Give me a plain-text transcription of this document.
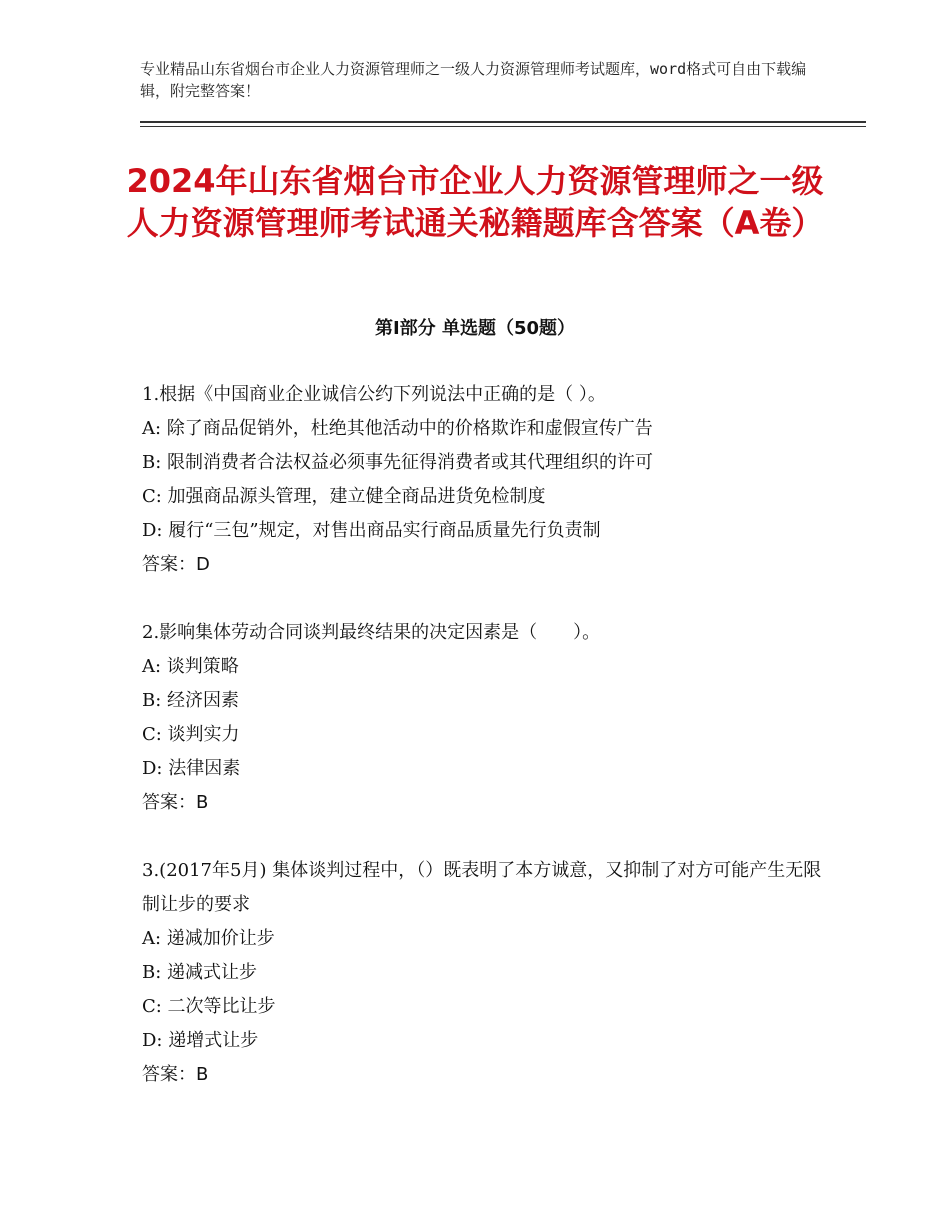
专业精品山东省烟台市企业人力资源管理师之一级人力资源管理师考试题库，word格式可自由下载编辑，附完整答案！
2024年山东省烟台市企业人力资源管理师之一级人力资源管理师考试通关秘籍题库含答案（A卷）
第Ⅰ部分 单选题（50题）
1.根据《中国商业企业诚信公约下列说法中正确的是（ ）。
A: 除了商品促销外，杜绝其他活动中的价格欺诈和虚假宣传广告
B: 限制消费者合法权益必须事先征得消费者或其代理组织的许可
C: 加强商品源头管理，建立健全商品进货免检制度
D: 履行“三包”规定，对售出商品实行商品质量先行负责制
答案：D
2.影响集体劳动合同谈判最终结果的决定因素是（　　）。
A: 谈判策略
B: 经济因素
C: 谈判实力
D: 法律因素
答案：B
3.(2017年5月) 集体谈判过程中，（）既表明了本方诚意，又抑制了对方可能产生无限制让步的要求
A: 递减加价让步
B: 递减式让步
C: 二次等比让步
D: 递增式让步
答案：B
